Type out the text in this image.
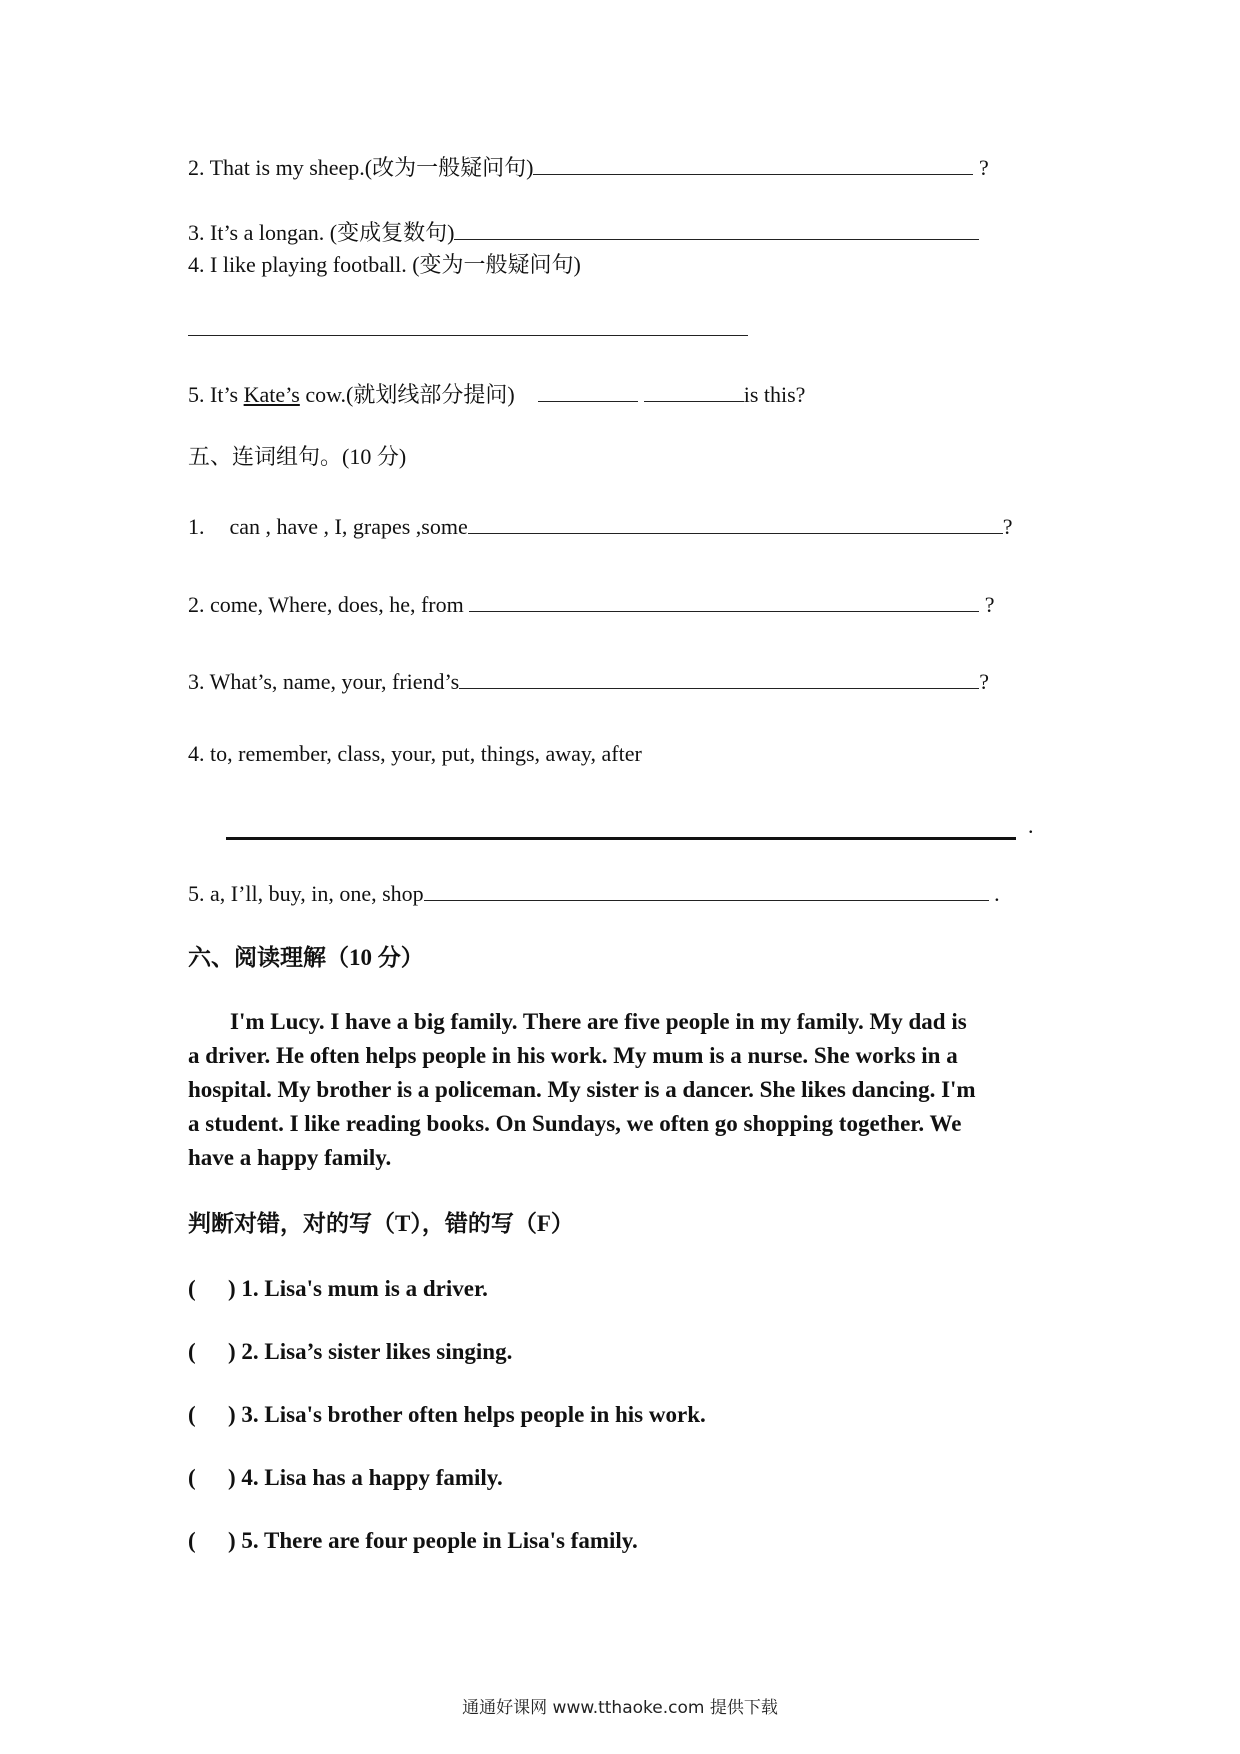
2. That is my sheep.(改为一般疑问句)	?
3. It’s a longan. (变成复数句)
4. I like playing football. (变为一般疑问句)
5. It’s Kate’s cow.(就划线部分提问)	is this?
五、连词组句。(10 分)
1. can , have , I, grapes ,some	?
2. come, Where, does, he, from	?
3. What’s, name, your, friend’s	?
4. to, remember, class, your, put, things, away, after
.
5. a, I’ll, buy, in, one, shop	.
六、阅读理解（10 分）
I'm Lucy. I have a big family. There are five people in my family. My dad is
a driver. He often helps people in his work. My mum is a nurse. She works in a
hospital. My brother is a policeman. My sister is a dancer. She likes dancing. I'm
a student. I like reading books. On Sundays, we often go shopping together. We
have a happy family.
判断对错，对的写（T），错的写（F）
( ) 1. Lisa's mum is a driver.
( ) 2. Lisa’s sister likes singing.
( ) 3. Lisa's brother often helps people in his work.
( ) 4. Lisa has a happy family.
( ) 5. There are four people in Lisa's family.
通通好课网 www.tthaoke.com 提供下载
